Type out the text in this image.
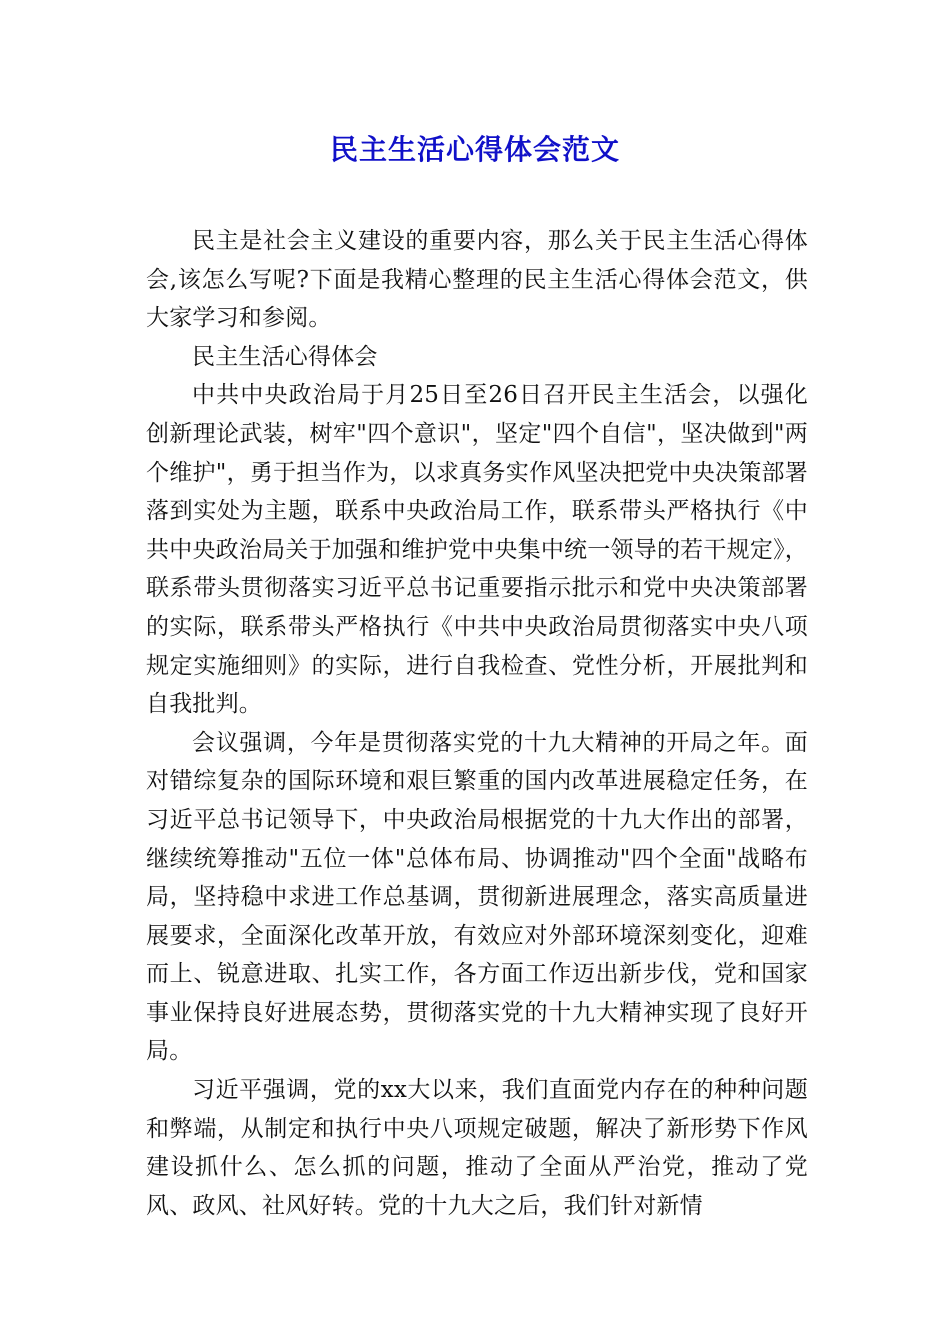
民主生活心得体会范文

民主是社会主义建设的重要内容，那么关于民主生活心得体会,该怎么写呢?下面是我精心整理的民主生活心得体会范文，供大家学习和参阅。

民主生活心得体会

中共中央政治局于月25日至26日召开民主生活会，以强化创新理论武装，树牢"四个意识"，坚定"四个自信"，坚决做到"两个维护"，勇于担当作为，以求真务实作风坚决把党中央决策部署落到实处为主题，联系中央政治局工作，联系带头严格执行《中共中央政治局关于加强和维护党中央集中统一领导的若干规定》，联系带头贯彻落实习近平总书记重要指示批示和党中央决策部署的实际，联系带头严格执行《中共中央政治局贯彻落实中央八项规定实施细则》的实际，进行自我检查、党性分析，开展批判和自我批判。

会议强调，今年是贯彻落实党的十九大精神的开局之年。面对错综复杂的国际环境和艰巨繁重的国内改革进展稳定任务，在习近平总书记领导下，中央政治局根据党的十九大作出的部署，继续统筹推动"五位一体"总体布局、协调推动"四个全面"战略布局，坚持稳中求进工作总基调，贯彻新进展理念，落实高质量进展要求，全面深化改革开放，有效应对外部环境深刻变化，迎难而上、锐意进取、扎实工作，各方面工作迈出新步伐，党和国家事业保持良好进展态势，贯彻落实党的十九大精神实现了良好开局。

习近平强调，党的xx大以来，我们直面党内存在的种种问题和弊端，从制定和执行中央八项规定破题，解决了新形势下作风建设抓什么、怎么抓的问题，推动了全面从严治党，推动了党风、政风、社风好转。党的十九大之后，我们针对新情
